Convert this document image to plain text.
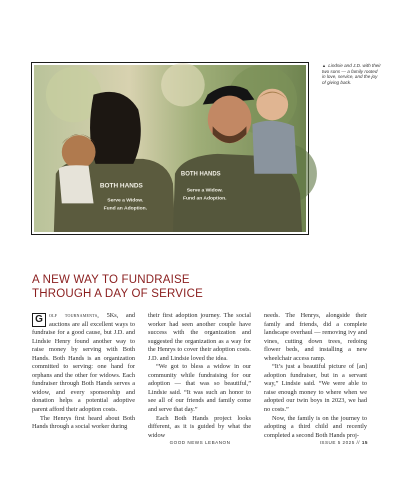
BOTH HANDS
Serve a Widow.
Fund an Adoption.
BOTH HANDS
Serve a Widow.
Fund an Adoption.
▲ Lindsie and J.D. with their two sons — a family rooted in love, service, and the joy of giving back.
A NEW WAY TO FUNDRAISE
THROUGH A DAY OF SERVICE

G olf tournaments, 5Ks, and auctions are all excellent ways to fundraise for a good cause, but J.D. and Lindsie Henry found another way to raise money by serving with Both Hands. Both Hands is an organization committed to serving: one hand for orphans and the other for widows. Each fundraiser through Both Hands serves a widow, and every sponsorship and donation helps a potential adoptive parent afford their adoption costs.

The Henrys first heard about Both Hands through a social worker during

their first adoption journey. The social worker had seen another couple have success with the organization and suggested the organization as a way for the Henrys to cover their adoption costs. J.D. and Lindsie loved the idea.

“We got to bless a widow in our community while fundraising for our adoption — that was so beautiful,” Lindsie said. “It was such an honor to see all of our friends and family come and serve that day.”

Each Both Hands project looks different, as it is guided by what the widow

needs. The Henrys, alongside their family and friends, did a complete landscape overhaul — removing ivy and vines, cutting down trees, redoing flower beds, and installing a new wheelchair access ramp.

“It’s just a beautiful picture of [an] adoption fundraiser, but in a servant way,” Lindsie said. “We were able to raise enough money to where when we adopted our twin boys in 2023, we had no costs.”

Now, the family is on the journey to adopting a third child and recently completed a second Both Hands proj-

GOOD NEWS LEBANON	ISSUE 5 2025 // 15
